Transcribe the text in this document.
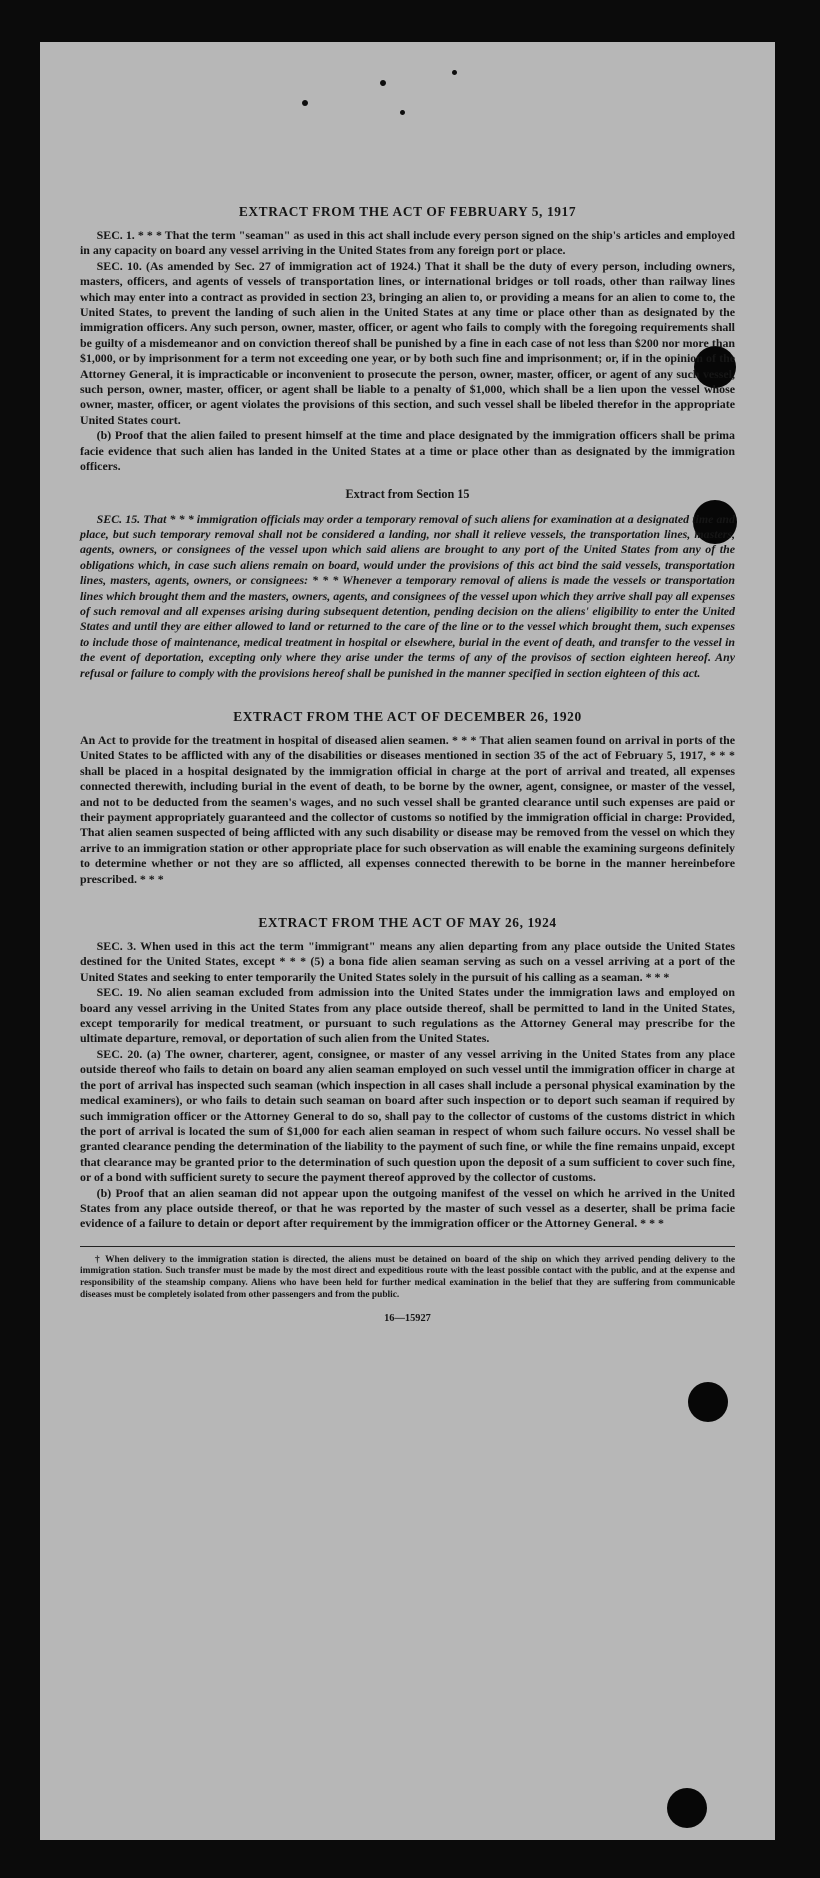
EXTRACT FROM THE ACT OF FEBRUARY 5, 1917

SEC. 1. * * * That the term "seaman" as used in this act shall include every person signed on the ship's articles and employed in any capacity on board any vessel arriving in the United States from any foreign port or place.

SEC. 10. (As amended by Sec. 27 of immigration act of 1924.) That it shall be the duty of every person, including owners, masters, officers, and agents of vessels of transportation lines, or international bridges or toll roads, other than railway lines which may enter into a contract as provided in section 23, bringing an alien to, or providing a means for an alien to come to, the United States, to prevent the landing of such alien in the United States at any time or place other than as designated by the immigration officers. Any such person, owner, master, officer, or agent who fails to comply with the foregoing requirements shall be guilty of a misdemeanor and on conviction thereof shall be punished by a fine in each case of not less than $200 nor more than $1,000, or by imprisonment for a term not exceeding one year, or by both such fine and imprisonment; or, if in the opinion of the Attorney General, it is impracticable or inconvenient to prosecute the person, owner, master, officer, or agent of any such vessel, such person, owner, master, officer, or agent shall be liable to a penalty of $1,000, which shall be a lien upon the vessel whose owner, master, officer, or agent violates the provisions of this section, and such vessel shall be libeled therefor in the appropriate United States court.

(b) Proof that the alien failed to present himself at the time and place designated by the immigration officers shall be prima facie evidence that such alien has landed in the United States at a time or place other than as designated by the immigration officers.

Extract from Section 15

SEC. 15. That * * * immigration officials may order a temporary removal of such aliens for examination at a designated time and place, but such temporary removal shall not be considered a landing, nor shall it relieve vessels, the transportation lines, masters, agents, owners, or consignees of the vessel upon which said aliens are brought to any port of the United States from any of the obligations which, in case such aliens remain on board, would under the provisions of this act bind the said vessels, transportation lines, masters, agents, owners, or consignees: * * * Whenever a temporary removal of aliens is made the vessels or transportation lines which brought them and the masters, owners, agents, and consignees of the vessel upon which they arrive shall pay all expenses of such removal and all expenses arising during subsequent detention, pending decision on the aliens' eligibility to enter the United States and until they are either allowed to land or returned to the care of the line or to the vessel which brought them, such expenses to include those of maintenance, medical treatment in hospital or elsewhere, burial in the event of death, and transfer to the vessel in the event of deportation, excepting only where they arise under the terms of any of the provisos of section eighteen hereof. Any refusal or failure to comply with the provisions hereof shall be punished in the manner specified in section eighteen of this act.

EXTRACT FROM THE ACT OF DECEMBER 26, 1920

An Act to provide for the treatment in hospital of diseased alien seamen. * * * That alien seamen found on arrival in ports of the United States to be afflicted with any of the disabilities or diseases mentioned in section 35 of the act of February 5, 1917, * * * shall be placed in a hospital designated by the immigration official in charge at the port of arrival and treated, all expenses connected therewith, including burial in the event of death, to be borne by the owner, agent, consignee, or master of the vessel, and not to be deducted from the seamen's wages, and no such vessel shall be granted clearance until such expenses are paid or their payment appropriately guaranteed and the collector of customs so notified by the immigration official in charge: Provided, That alien seamen suspected of being afflicted with any such disability or disease may be removed from the vessel on which they arrive to an immigration station or other appropriate place for such observation as will enable the examining surgeons definitely to determine whether or not they are so afflicted, all expenses connected therewith to be borne in the manner hereinbefore prescribed. * * *

EXTRACT FROM THE ACT OF MAY 26, 1924

SEC. 3. When used in this act the term "immigrant" means any alien departing from any place outside the United States destined for the United States, except * * * (5) a bona fide alien seaman serving as such on a vessel arriving at a port of the United States and seeking to enter temporarily the United States solely in the pursuit of his calling as a seaman. * * *

SEC. 19. No alien seaman excluded from admission into the United States under the immigration laws and employed on board any vessel arriving in the United States from any place outside thereof, shall be permitted to land in the United States, except temporarily for medical treatment, or pursuant to such regulations as the Attorney General may prescribe for the ultimate departure, removal, or deportation of such alien from the United States.

SEC. 20. (a) The owner, charterer, agent, consignee, or master of any vessel arriving in the United States from any place outside thereof who fails to detain on board any alien seaman employed on such vessel until the immigration officer in charge at the port of arrival has inspected such seaman (which inspection in all cases shall include a personal physical examination by the medical examiners), or who fails to detain such seaman on board after such inspection or to deport such seaman if required by such immigration officer or the Attorney General to do so, shall pay to the collector of customs of the customs district in which the port of arrival is located the sum of $1,000 for each alien seaman in respect of whom such failure occurs. No vessel shall be granted clearance pending the determination of the liability to the payment of such fine, or while the fine remains unpaid, except that clearance may be granted prior to the determination of such question upon the deposit of a sum sufficient to cover such fine, or of a bond with sufficient surety to secure the payment thereof approved by the collector of customs.

(b) Proof that an alien seaman did not appear upon the outgoing manifest of the vessel on which he arrived in the United States from any place outside thereof, or that he was reported by the master of such vessel as a deserter, shall be prima facie evidence of a failure to detain or deport after requirement by the immigration officer or the Attorney General. * * *

† When delivery to the immigration station is directed, the aliens must be detained on board of the ship on which they arrived pending delivery to the immigration station. Such transfer must be made by the most direct and expeditious route with the least possible contact with the public, and at the expense and responsibility of the steamship company. Aliens who have been held for further medical examination in the belief that they are suffering from communicable diseases must be completely isolated from other passengers and from the public.

16—15927
